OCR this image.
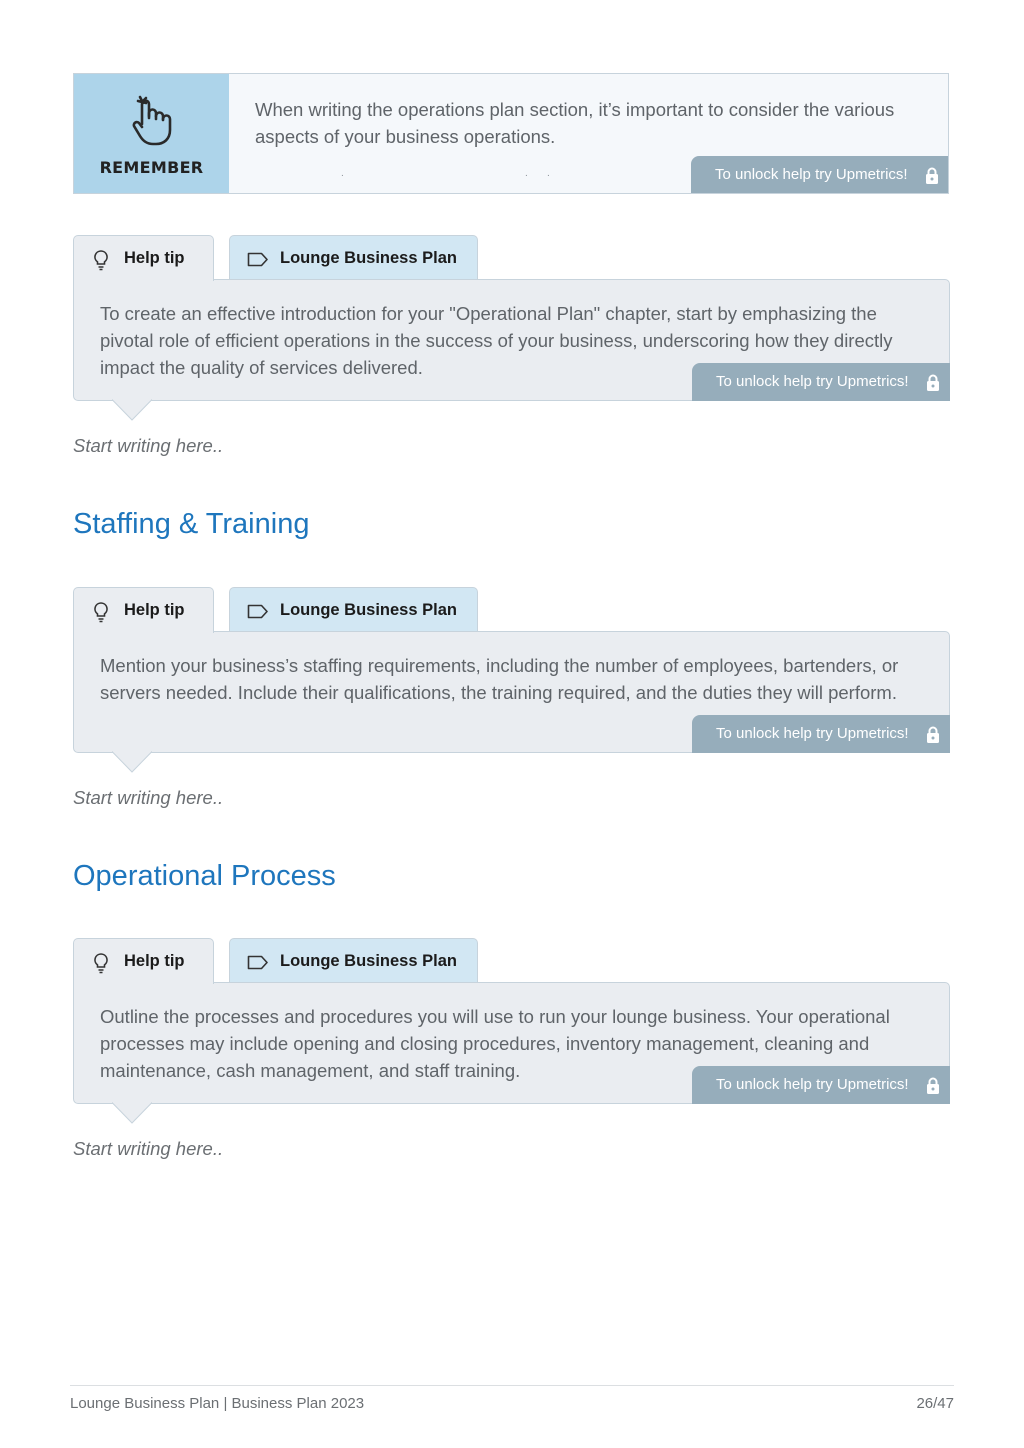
REMEMBER
When writing the operations plan section, it’s important to consider the various aspects of your business operations.
.	. .	To unlock help try Upmetrics!
Help tip	Lounge Business Plan
To create an effective introduction for your "Operational Plan" chapter, start by emphasizing the pivotal role of efficient operations in the success of your business, underscoring how they directly impact the quality of services delivered.
To unlock help try Upmetrics!
Start writing here..
Staffing & Training
Help tip	Lounge Business Plan
Mention your business’s staffing requirements, including the number of employees, bartenders, or servers needed. Include their qualifications, the training required, and the duties they will perform.
To unlock help try Upmetrics!
Start writing here..
Operational Process
Help tip	Lounge Business Plan
Outline the processes and procedures you will use to run your lounge business. Your operational processes may include opening and closing procedures, inventory management, cleaning and maintenance, cash management, and staff training.
To unlock help try Upmetrics!
Start writing here..
Lounge Business Plan | Business Plan 2023	26/47
